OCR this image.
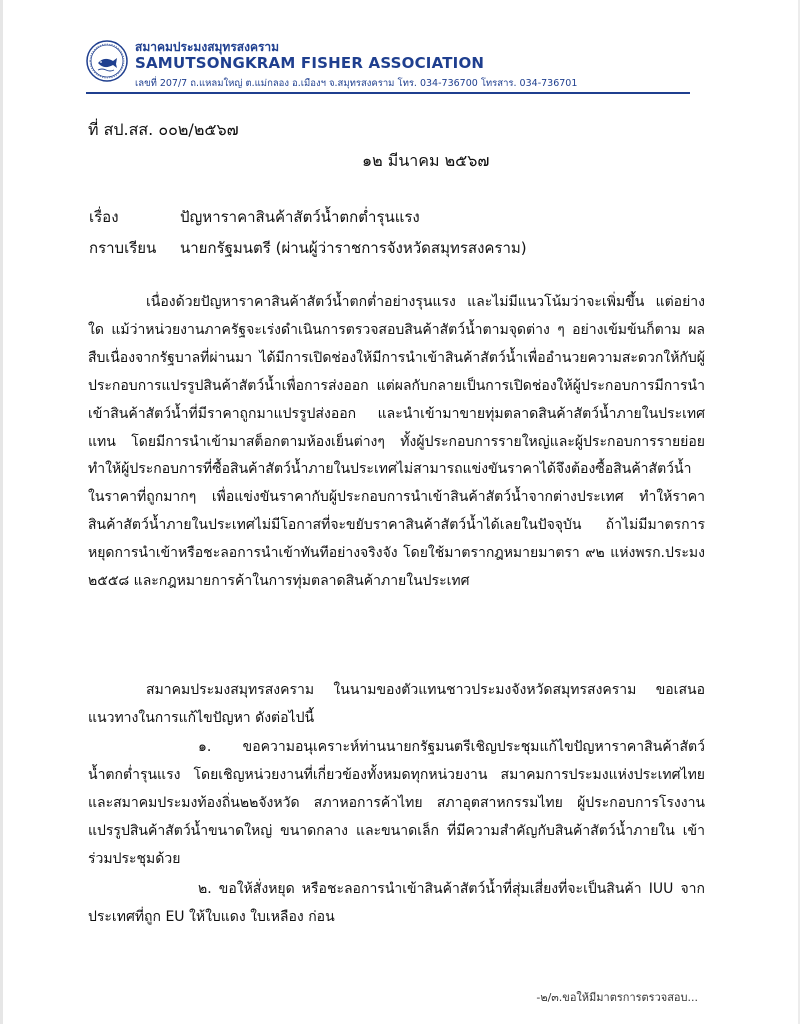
สมาคมประมงสมุทรสงคราม
SAMUTSONGKRAM FISHER ASSOCIATION
เลขที่ 207/7 ถ.แหลมใหญ่ ต.แม่กลอง อ.เมืองฯ จ.สมุทรสงคราม โทร. 034-736700 โทรสาร. 034-736701
ที่ สป.สส. ๐๐๒/๒๕๖๗
๑๒ มีนาคม ๒๕๖๗
เรื่อง	ปัญหาราคาสินค้าสัตว์น้ำตกต่ำรุนแรง
กราบเรียน นายกรัฐมนตรี (ผ่านผู้ว่าราชการจังหวัดสมุทรสงคราม)
เนื่องด้วยปัญหาราคาสินค้าสัตว์น้ำตกต่ำอย่างรุนแรง และไม่มีแนวโน้มว่าจะเพิ่มขึ้น แต่อย่างใด แม้ว่าหน่วยงานภาครัฐจะเร่งดำเนินการตรวจสอบสินค้าสัตว์น้ำตามจุดต่าง ๆ อย่างเข้มข้นก็ตาม ผลสืบเนื่องจากรัฐบาลที่ผ่านมา ได้มีการเปิดช่องให้มีการนำเข้าสินค้าสัตว์น้ำเพื่ออำนวยความสะดวกให้กับผู้ประกอบการแปรรูปสินค้าสัตว์น้ำเพื่อการส่งออก แต่ผลกับกลายเป็นการเปิดช่องให้ผู้ประกอบการมีการนำเข้าสินค้าสัตว์น้ำที่มีราคาถูกมาแปรรูปส่งออก และนำเข้ามาขายทุ่มตลาดสินค้าสัตว์น้ำภายในประเทศแทน โดยมีการนำเข้ามาสต็อกตามห้องเย็นต่างๆ ทั้งผู้ประกอบการรายใหญ่และผู้ประกอบการรายย่อย ทำให้ผู้ประกอบการที่ซื้อสินค้าสัตว์น้ำภายในประเทศไม่สามารถแข่งขันราคาได้จึงต้องซื้อสินค้าสัตว์น้ำในราคาที่ถูกมากๆ เพื่อแข่งขันราคากับผู้ประกอบการนำเข้าสินค้าสัตว์น้ำจากต่างประเทศ ทำให้ราคาสินค้าสัตว์น้ำภายในประเทศไม่มีโอกาสที่จะขยับราคาสินค้าสัตว์น้ำได้เลยในปัจจุบัน ถ้าไม่มีมาตรการหยุดการนำเข้าหรือชะลอการนำเข้าทันทีอย่างจริงจัง โดยใช้มาตรากฎหมายมาตรา ๙๒ แห่งพรก.ประมง ๒๕๕๘ และกฎหมายการค้าในการทุ่มตลาดสินค้าภายในประเทศ
สมาคมประมงสมุทรสงคราม ในนามของตัวแทนชาวประมงจังหวัดสมุทรสงคราม ขอเสนอแนวทางในการแก้ไขปัญหา ดังต่อไปนี้
๑. ขอความอนุเคราะห์ท่านนายกรัฐมนตรีเชิญประชุมแก้ไขปัญหาราคาสินค้าสัตว์น้ำตกต่ำรุนแรง โดยเชิญหน่วยงานที่เกี่ยวข้องทั้งหมดทุกหน่วยงาน สมาคมการประมงแห่งประเทศไทยและสมาคมประมงท้องถิ่น๒๒จังหวัด สภาหอการค้าไทย สภาอุตสาหกรรมไทย ผู้ประกอบการโรงงานแปรรูปสินค้าสัตว์น้ำขนาดใหญ่ ขนาดกลาง และขนาดเล็ก ที่มีความสำคัญกับสินค้าสัตว์น้ำภายใน เข้าร่วมประชุมด้วย
๒. ขอให้สั่งหยุด หรือชะลอการนำเข้าสินค้าสัตว์น้ำที่สุ่มเสี่ยงที่จะเป็นสินค้า IUU จากประเทศที่ถูก EU ให้ใบแดง ใบเหลือง ก่อน
-๒/๓.ขอให้มีมาตรการตรวจสอบ...
